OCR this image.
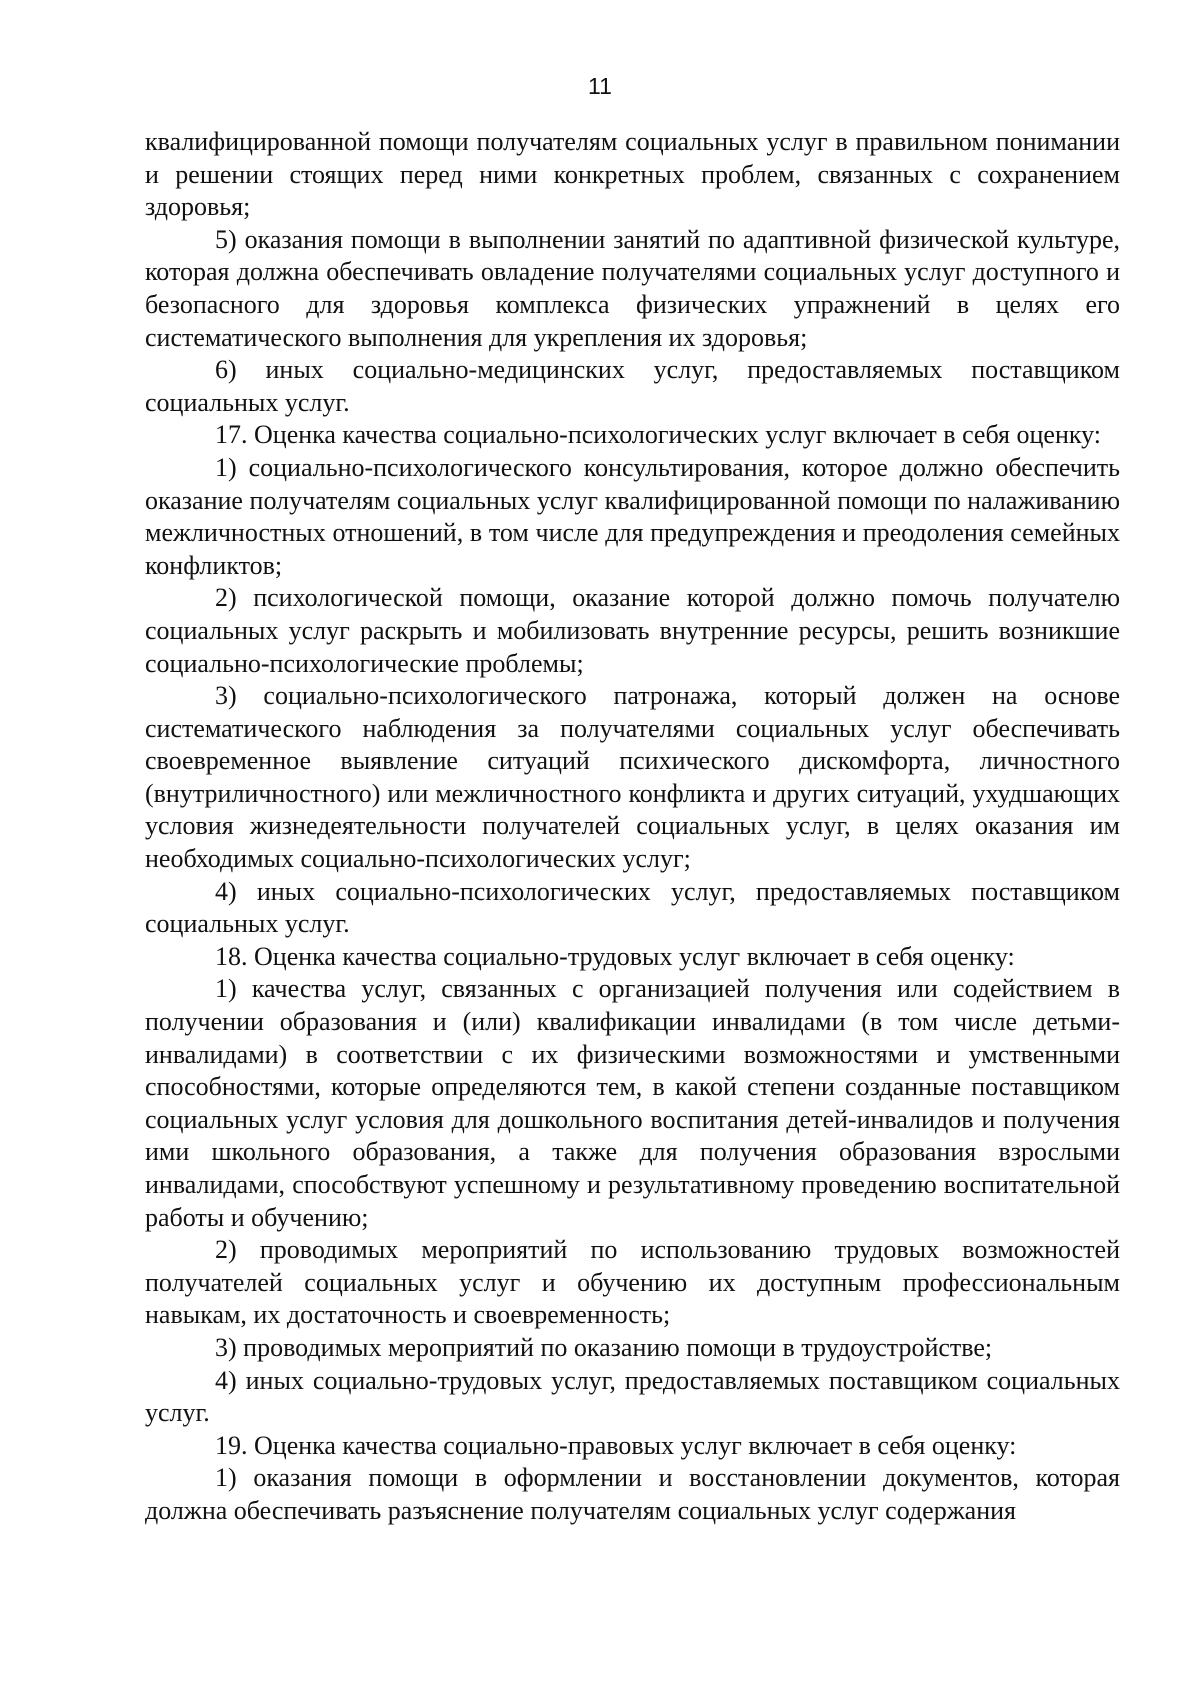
11

квалифицированной помощи получателям социальных услуг в правильном понимании и решении стоящих перед ними конкретных проблем, связанных с сохранением здоровья;

5) оказания помощи в выполнении занятий по адаптивной физической культуре, которая должна обеспечивать овладение получателями социальных услуг доступного и безопасного для здоровья комплекса физических упражнений в целях его систематического выполнения для укрепления их здоровья;

6) иных социально-медицинских услуг, предоставляемых поставщиком социальных услуг.

17. Оценка качества социально-психологических услуг включает в себя оценку:

1) социально-психологического консультирования, которое должно обеспечить оказание получателям социальных услуг квалифицированной помощи по налаживанию межличностных отношений, в том числе для предупреждения и преодоления семейных конфликтов;

2) психологической помощи, оказание которой должно помочь получателю социальных услуг раскрыть и мобилизовать внутренние ресурсы, решить возникшие социально-психологические проблемы;

3) социально-психологического патронажа, который должен на основе систематического наблюдения за получателями социальных услуг обеспечивать своевременное выявление ситуаций психического дискомфорта, личностного (внутриличностного) или межличностного конфликта и других ситуаций, ухудшающих условия жизнедеятельности получателей социальных услуг, в целях оказания им необходимых социально-психологических услуг;

4) иных социально-психологических услуг, предоставляемых поставщиком социальных услуг.

18. Оценка качества социально-трудовых услуг включает в себя оценку:

1) качества услуг, связанных с организацией получения или содействием в получении образования и (или) квалификации инвалидами (в том числе детьми-инвалидами) в соответствии с их физическими возможностями и умственными способностями, которые определяются тем, в какой степени созданные поставщиком социальных услуг условия для дошкольного воспитания детей-инвалидов и получения ими школьного образования, а также для получения образования взрослыми инвалидами, способствуют успешному и результативному проведению воспитательной работы и обучению;

2) проводимых мероприятий по использованию трудовых возможностей получателей социальных услуг и обучению их доступным профессиональным навыкам, их достаточность и своевременность;

3) проводимых мероприятий по оказанию помощи в трудоустройстве;

4) иных социально-трудовых услуг, предоставляемых поставщиком социальных услуг.

19. Оценка качества социально-правовых услуг включает в себя оценку:

1) оказания помощи в оформлении и восстановлении документов, которая должна обеспечивать разъяснение получателям социальных услуг содержания
